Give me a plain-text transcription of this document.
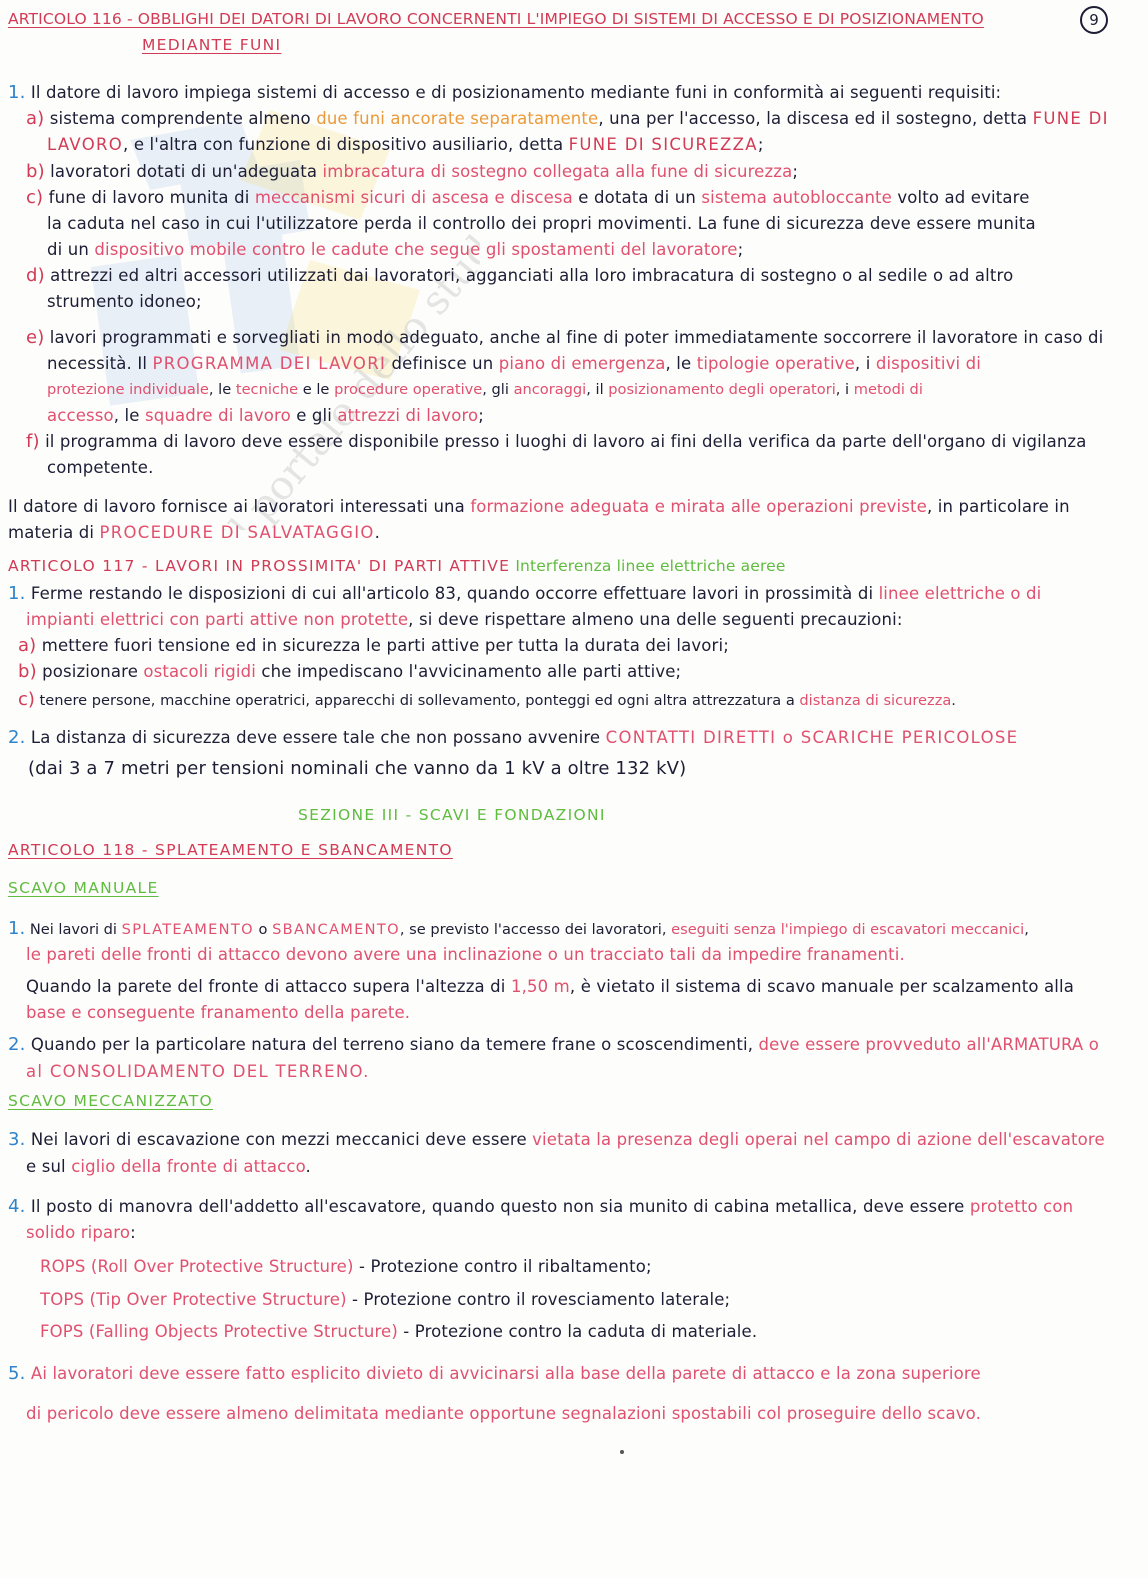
portale dello studente
9
ARTICOLO 116 - OBBLIGHI DEI DATORI DI LAVORO CONCERNENTI L'IMPIEGO DI SISTEMI DI ACCESSO E DI POSIZIONAMENTO
MEDIANTE FUNI
1. Il datore di lavoro impiega sistemi di accesso e di posizionamento mediante funi in conformità ai seguenti requisiti:
a) sistema comprendente almeno due funi ancorate separatamente, una per l'accesso, la discesa ed il sostegno, detta FUNE DI
LAVORO, e l'altra con funzione di dispositivo ausiliario, detta FUNE DI SICUREZZA;
b) lavoratori dotati di un'adeguata imbracatura di sostegno collegata alla fune di sicurezza;
c) fune di lavoro munita di meccanismi sicuri di ascesa e discesa e dotata di un sistema autobloccante volto ad evitare
la caduta nel caso in cui l'utilizzatore perda il controllo dei propri movimenti. La fune di sicurezza deve essere munita
di un dispositivo mobile contro le cadute che segue gli spostamenti del lavoratore;
d) attrezzi ed altri accessori utilizzati dai lavoratori, agganciati alla loro imbracatura di sostegno o al sedile o ad altro
strumento idoneo;
e) lavori programmati e sorvegliati in modo adeguato, anche al fine di poter immediatamente soccorrere il lavoratore in caso di
necessità. Il PROGRAMMA DEI LAVORI definisce un piano di emergenza, le tipologie operative, i dispositivi di
protezione individuale, le tecniche e le procedure operative, gli ancoraggi, il posizionamento degli operatori, i metodi di
accesso, le squadre di lavoro e gli attrezzi di lavoro;
f) il programma di lavoro deve essere disponibile presso i luoghi di lavoro ai fini della verifica da parte dell'organo di vigilanza
competente.
Il datore di lavoro fornisce ai lavoratori interessati una formazione adeguata e mirata alle operazioni previste, in particolare in
materia di PROCEDURE DI SALVATAGGIO.
ARTICOLO 117 - LAVORI IN PROSSIMITA' DI PARTI ATTIVE Interferenza linee elettriche aeree
1. Ferme restando le disposizioni di cui all'articolo 83, quando occorre effettuare lavori in prossimità di linee elettriche o di
impianti elettrici con parti attive non protette, si deve rispettare almeno una delle seguenti precauzioni:
a) mettere fuori tensione ed in sicurezza le parti attive per tutta la durata dei lavori;
b) posizionare ostacoli rigidi che impediscano l'avvicinamento alle parti attive;
c) tenere persone, macchine operatrici, apparecchi di sollevamento, ponteggi ed ogni altra attrezzatura a distanza di sicurezza.
2. La distanza di sicurezza deve essere tale che non possano avvenire CONTATTI DIRETTI o SCARICHE PERICOLOSE
(dai 3 a 7 metri per tensioni nominali che vanno da 1 kV a oltre 132 kV)
SEZIONE III - SCAVI E FONDAZIONI
ARTICOLO 118 - SPLATEAMENTO E SBANCAMENTO
SCAVO MANUALE
1. Nei lavori di SPLATEAMENTO o SBANCAMENTO, se previsto l'accesso dei lavoratori, eseguiti senza l'impiego di escavatori meccanici,
le pareti delle fronti di attacco devono avere una inclinazione o un tracciato tali da impedire franamenti.
Quando la parete del fronte di attacco supera l'altezza di 1,50 m, è vietato il sistema di scavo manuale per scalzamento alla
base e conseguente franamento della parete.
2. Quando per la particolare natura del terreno siano da temere frane o scoscendimenti, deve essere provveduto all'ARMATURA o
al CONSOLIDAMENTO DEL TERRENO.
SCAVO MECCANIZZATO
3. Nei lavori di escavazione con mezzi meccanici deve essere vietata la presenza degli operai nel campo di azione dell'escavatore
e sul ciglio della fronte di attacco.
4. Il posto di manovra dell'addetto all'escavatore, quando questo non sia munito di cabina metallica, deve essere protetto con
solido riparo:
ROPS (Roll Over Protective Structure) - Protezione contro il ribaltamento;
TOPS (Tip Over Protective Structure) - Protezione contro il rovesciamento laterale;
FOPS (Falling Objects Protective Structure) - Protezione contro la caduta di materiale.
5. Ai lavoratori deve essere fatto esplicito divieto di avvicinarsi alla base della parete di attacco e la zona superiore
di pericolo deve essere almeno delimitata mediante opportune segnalazioni spostabili col proseguire dello scavo.
